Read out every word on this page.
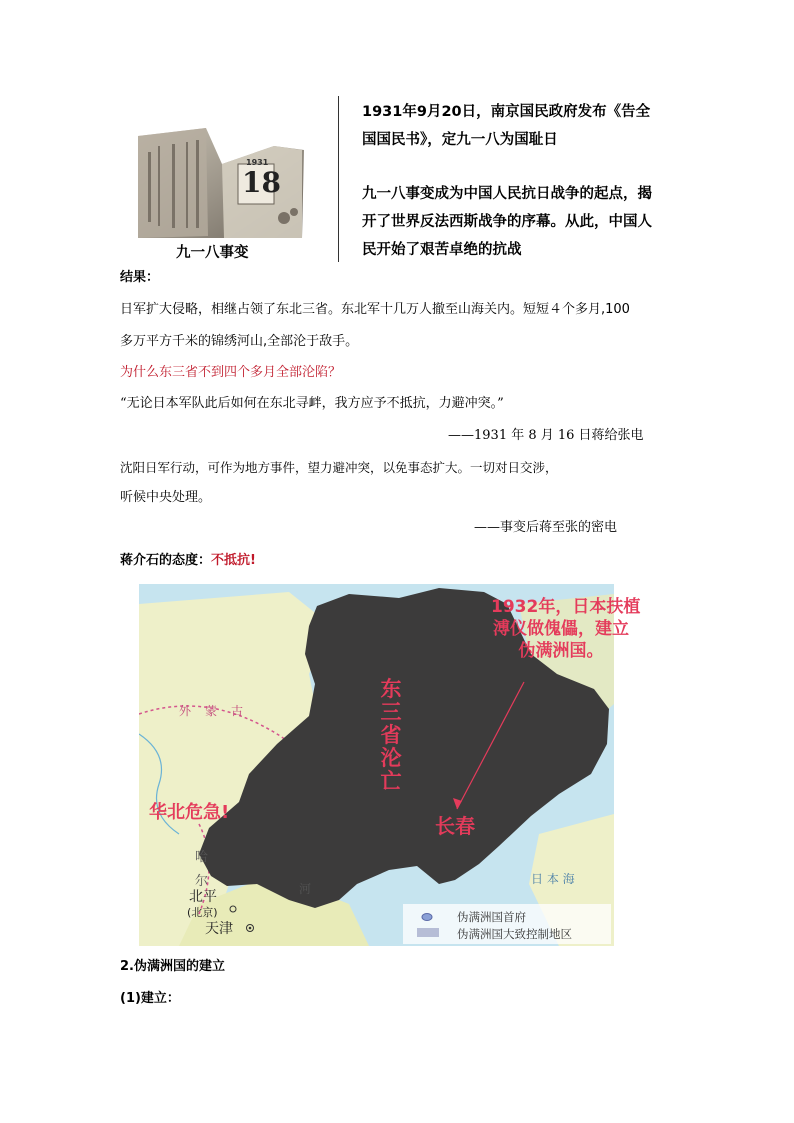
1931
18
九一八事变
1931年9月20日，南京国民政府发布《告全
国国民书》，定九一八为国耻日
九一八事变成为中国人民抗日战争的起点，揭
开了世界反法西斯战争的序幕。从此，中国人
民开始了艰苦卓绝的抗战
结果：
日军扩大侵略，相继占领了东北三省。东北军十几万人撤至山海关内。短短４个多月,100
多万平方千米的锦绣河山,全部沦于敌手。
为什么东三省不到四个多月全部沦陷？
“无论日本军队此后如何在东北寻衅，我方应予不抵抗，力避冲突。”
——1931 年 8 月 16 日蒋给张电
沈阳日军行动，可作为地方事件，望力避冲突，以免事态扩大。一切对日交涉，
听候中央处理。
——事变后蒋至张的密电
蒋介石的态度：不抵抗!
1932年，日本扶植
溥仪做傀儡，建立
伪满洲国。
东
三
省
沦
亡
华北危急!
长春
外蒙古
哈
尔	河
日 本 海
北平
(北京)
天津
伪满洲国首府
伪满洲国大致控制地区
2.伪满洲国的建立
(1)建立：
